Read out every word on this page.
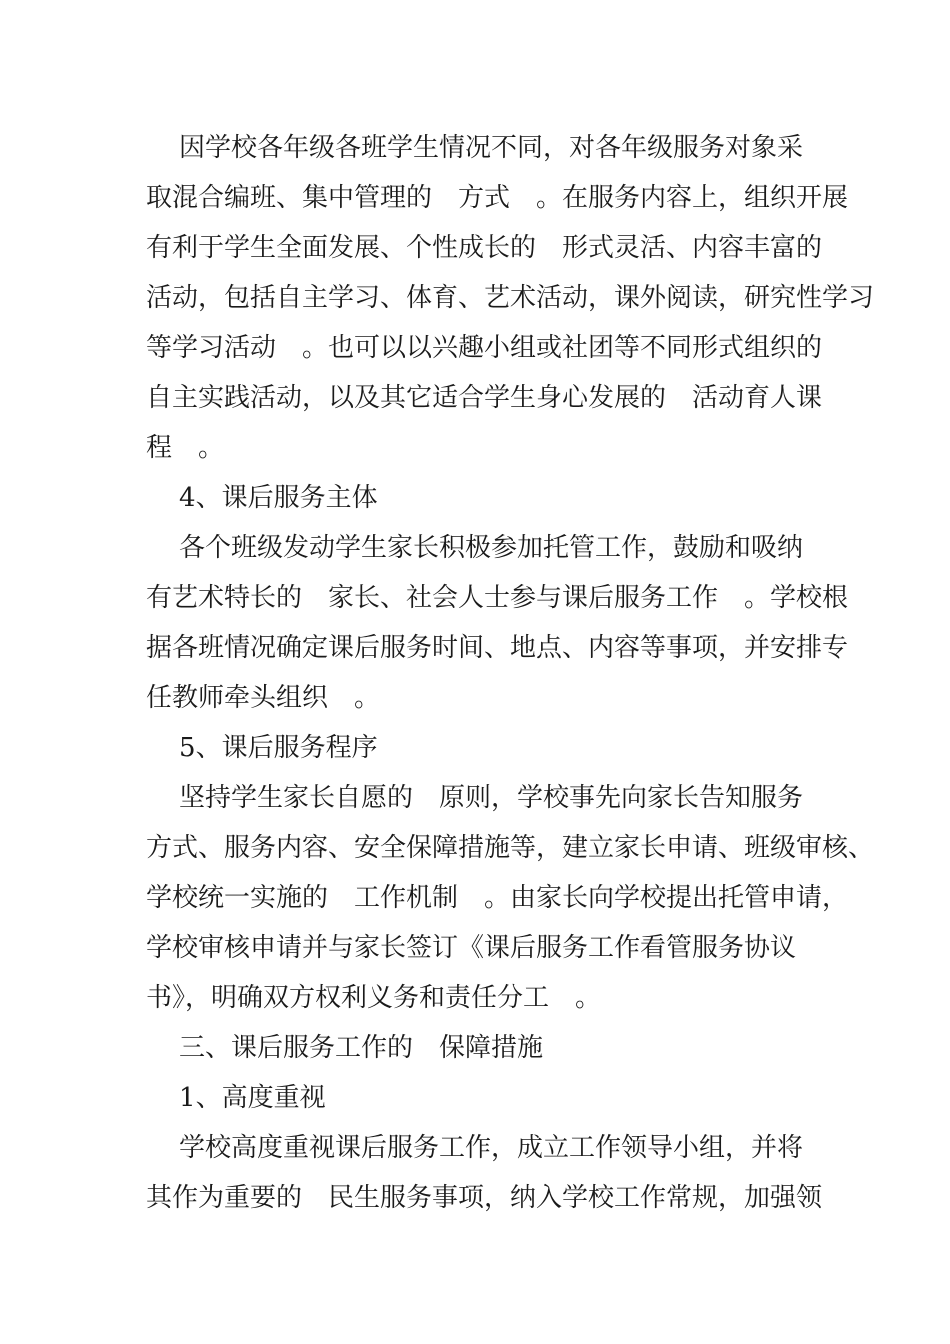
因学校各年级各班学生情况不同，对各年级服务对象采

取混合编班、集中管理的　方式　。在服务内容上，组织开展

有利于学生全面发展、个性成长的　形式灵活、内容丰富的

活动，包括自主学习、体育、艺术活动，课外阅读，研究性学习

等学习活动　。也可以以兴趣小组或社团等不同形式组织的

自主实践活动，以及其它适合学生身心发展的　活动育人课

程　。

4、课后服务主体

各个班级发动学生家长积极参加托管工作，鼓励和吸纳

有艺术特长的　家长、社会人士参与课后服务工作　。学校根

据各班情况确定课后服务时间、地点、内容等事项，并安排专

任教师牵头组织　。

5、课后服务程序

坚持学生家长自愿的　原则，学校事先向家长告知服务

方式、服务内容、安全保障措施等，建立家长申请、班级审核、

学校统一实施的　工作机制　。由家长向学校提出托管申请，

学校审核申请并与家长签订《课后服务工作看管服务协议

书》，明确双方权利义务和责任分工　。

三、课后服务工作的　保障措施

1、高度重视

学校高度重视课后服务工作，成立工作领导小组，并将

其作为重要的　民生服务事项，纳入学校工作常规，加强领
